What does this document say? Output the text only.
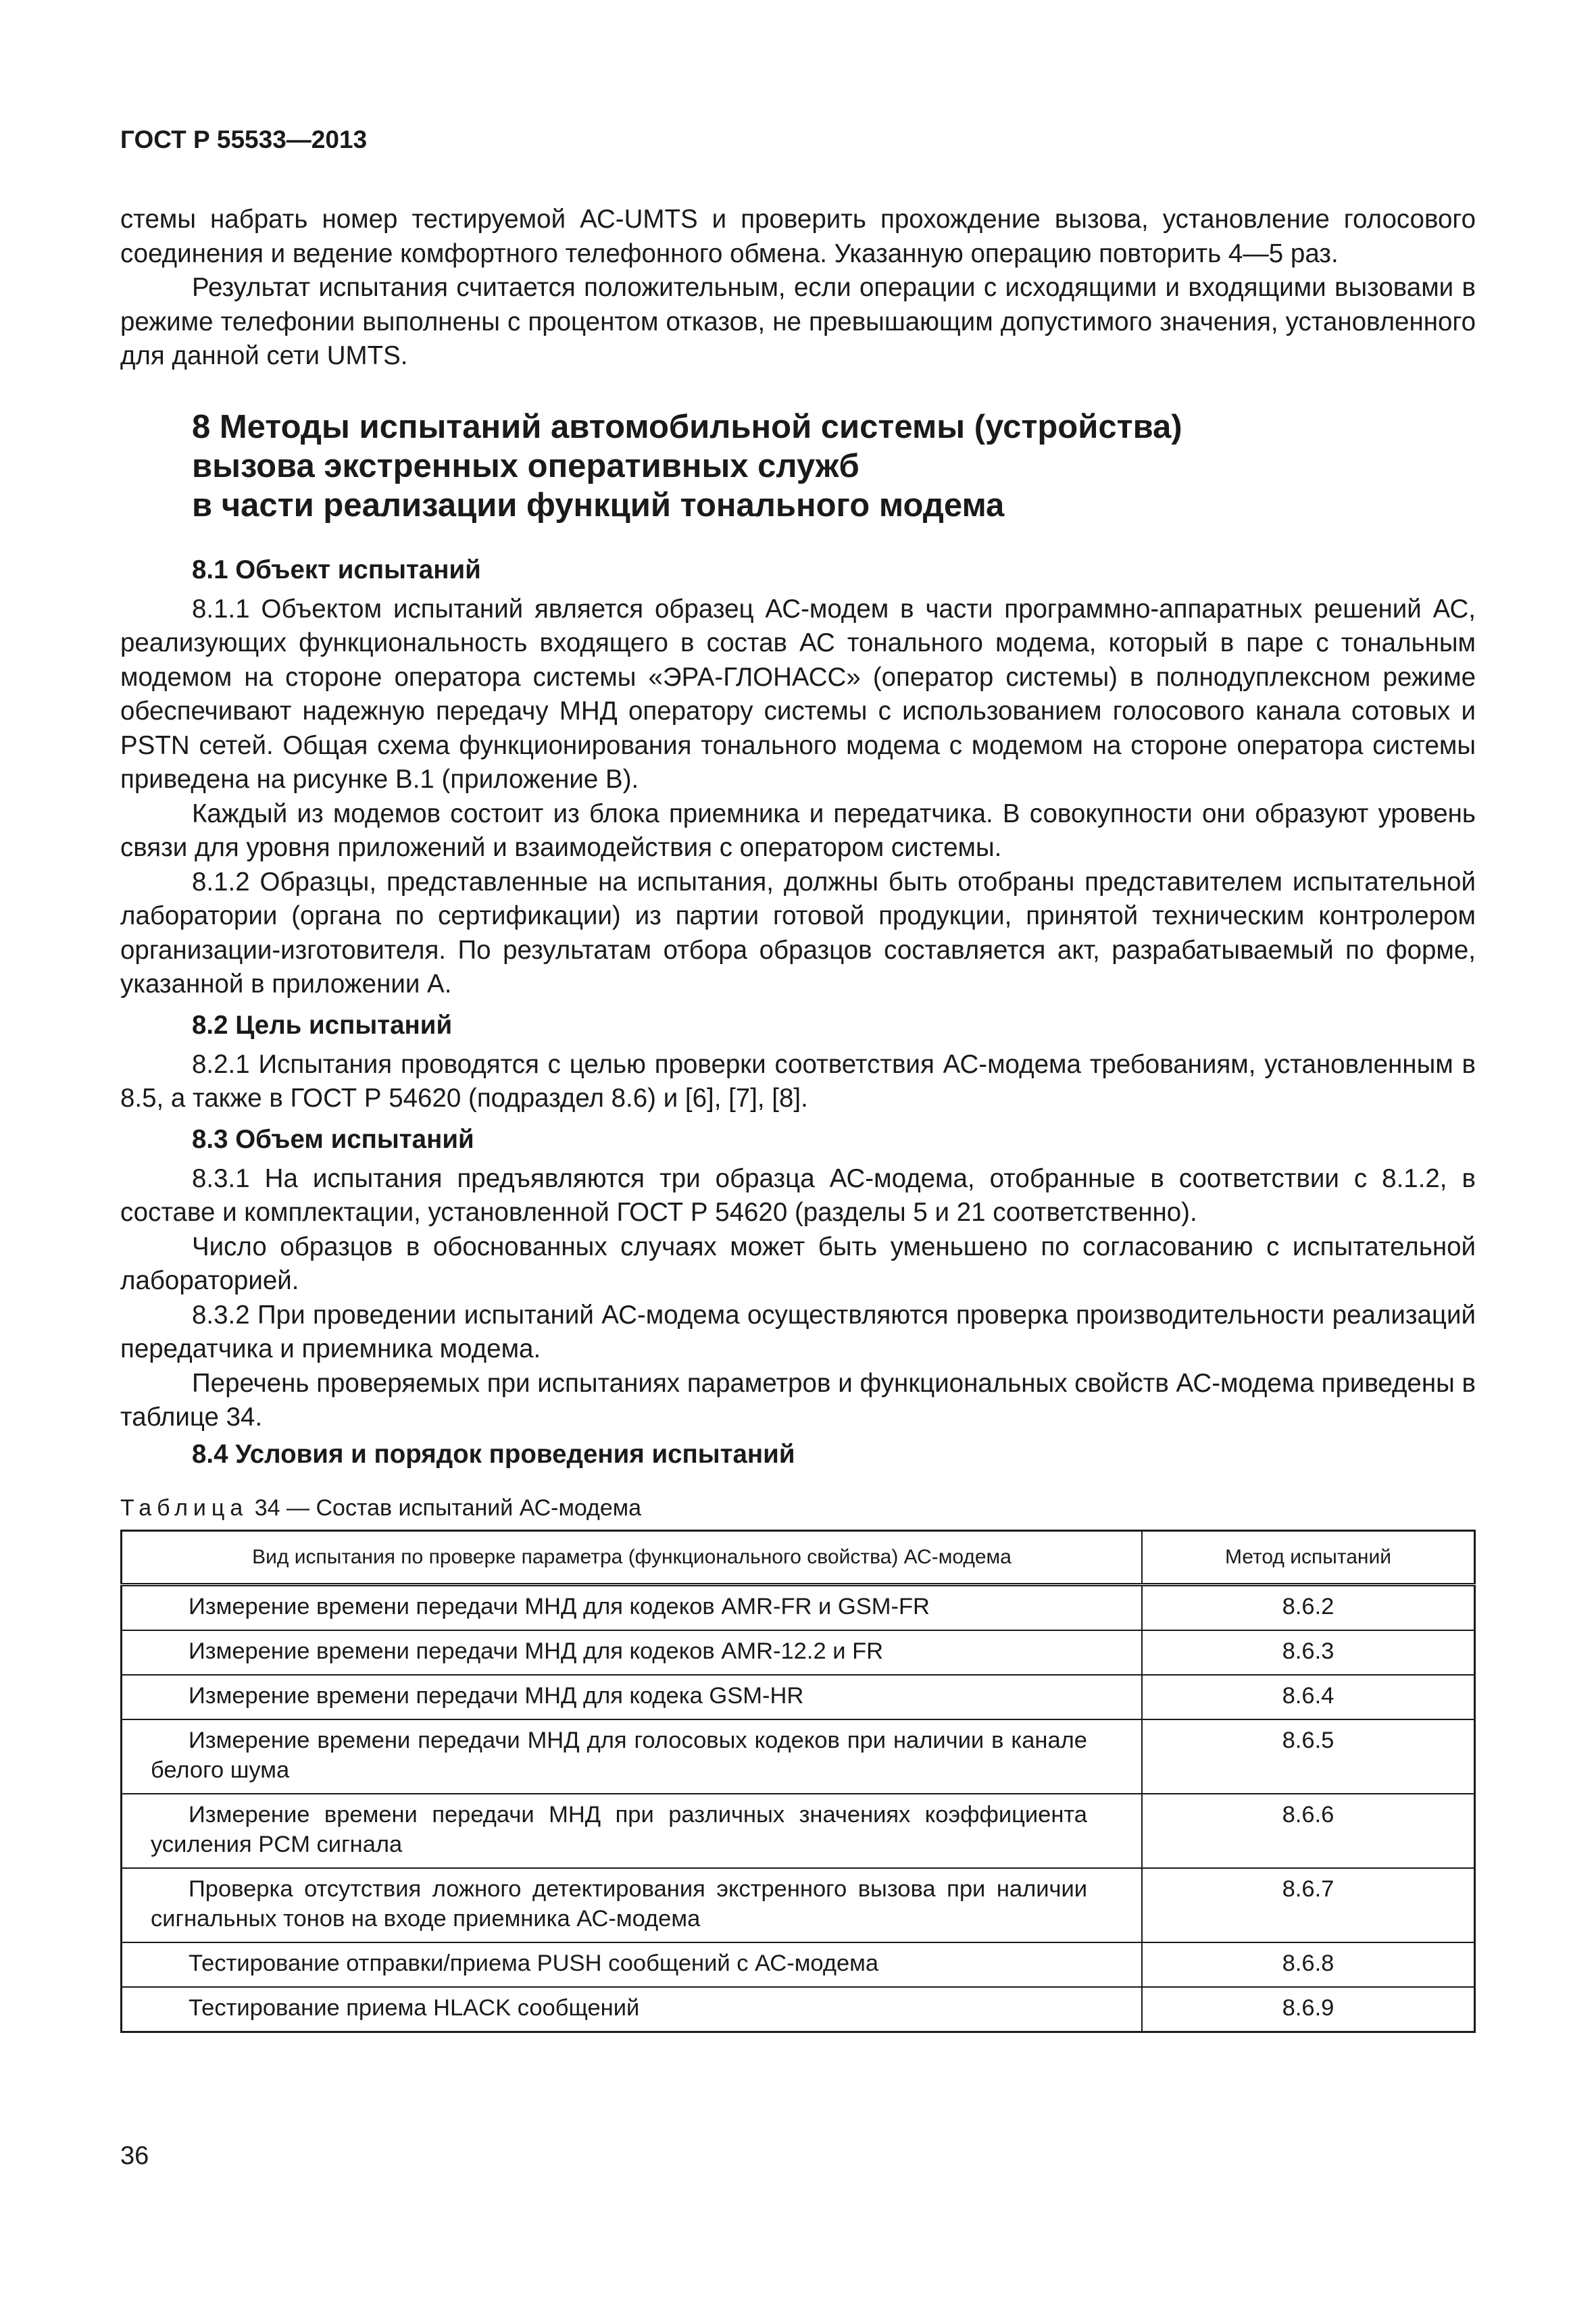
ГОСТ Р 55533—2013

стемы набрать номер тестируемой АС-UMTS и проверить прохождение вызова, установление голосового соединения и ведение комфортного телефонного обмена. Указанную операцию повторить 4—5 раз.

Результат испытания считается положительным, если операции с исходящими и входящими вызовами в режиме телефонии выполнены с процентом отказов, не превышающим допустимого значения, установленного для данной сети UMTS.

8 Методы испытаний автомобильной системы (устройства)
вызова экстренных оперативных служб
в части реализации функций тонального модема
8.1 Объект испытаний

8.1.1 Объектом испытаний является образец АС-модем в части программно-аппаратных решений АС, реализующих функциональность входящего в состав АС тонального модема, который в паре с тональным модемом на стороне оператора системы «ЭРА-ГЛОНАСС» (оператор системы) в полнодуплексном режиме обеспечивают надежную передачу МНД оператору системы с использованием голосового канала сотовых и PSTN сетей. Общая схема функционирования тонального модема с модемом на стороне оператора системы приведена на рисунке В.1 (приложение В).

Каждый из модемов состоит из блока приемника и передатчика. В совокупности они образуют уровень связи для уровня приложений и взаимодействия с оператором системы.

8.1.2 Образцы, представленные на испытания, должны быть отобраны представителем испытательной лаборатории (органа по сертификации) из партии готовой продукции, принятой техническим контролером организации-изготовителя. По результатам отбора образцов составляется акт, разрабатываемый по форме, указанной в приложении А.

8.2 Цель испытаний

8.2.1 Испытания проводятся с целью проверки соответствия АС-модема требованиям, установленным в 8.5, а также в ГОСТ Р 54620 (подраздел 8.6) и [6], [7], [8].

8.3 Объем испытаний

8.3.1 На испытания предъявляются три образца АС-модема, отобранные в соответствии с 8.1.2, в составе и комплектации, установленной ГОСТ Р 54620 (разделы 5 и 21 соответственно).

Число образцов в обоснованных случаях может быть уменьшено по согласованию с испытательной лабораторией.

8.3.2 При проведении испытаний АС-модема осуществляются проверка производительности реализаций передатчика и приемника модема.

Перечень проверяемых при испытаниях параметров и функциональных свойств АС-модема приведены в таблице 34.

8.4 Условия и порядок проведения испытаний
Таблица 34 — Состав испытаний АС-модема
Вид испытания по проверке параметра (функционального свойства) АС-модема	Метод испытаний
Измерение времени передачи МНД для кодеков AMR-FR и GSM-FR	8.6.2
Измерение времени передачи МНД для кодеков AMR-12.2 и FR	8.6.3
Измерение времени передачи МНД для кодека GSM-HR	8.6.4
Измерение времени передачи МНД для голосовых кодеков при наличии в канале белого шума	8.6.5
Измерение времени передачи МНД при различных значениях коэффициента усиления PCM сигнала	8.6.6
Проверка отсутствия ложного детектирования экстренного вызова при наличии сигнальных тонов на входе приемника АС-модема	8.6.7
Тестирование отправки/приема PUSH сообщений с АС-модема	8.6.8
Тестирование приема HLACK сообщений	8.6.9
36
